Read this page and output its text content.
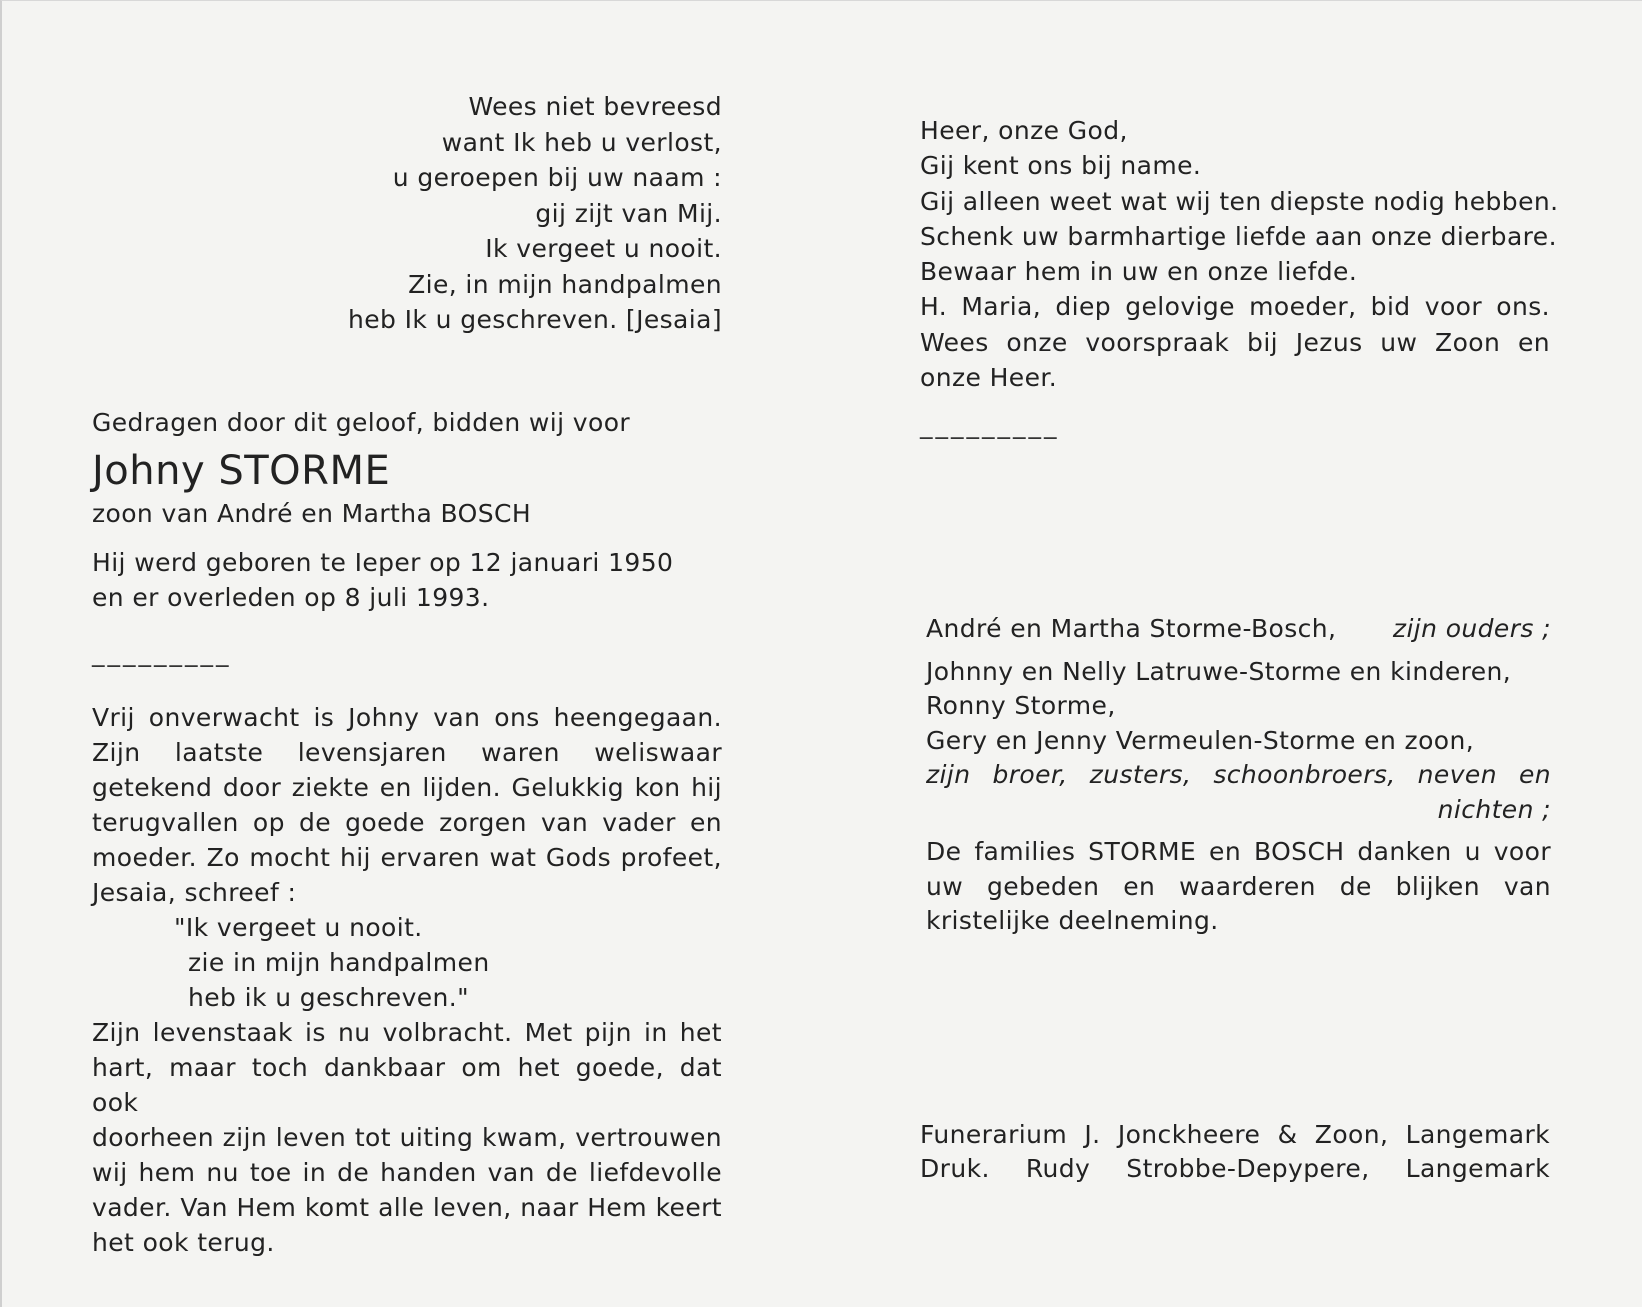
Wees niet bevreesd
want Ik heb u verlost,
u geroepen bij uw naam :
gij zijt van Mij.
Ik vergeet u nooit.
Zie, in mijn handpalmen
heb Ik u geschreven. [Jesaia]
Gedragen door dit geloof, bidden wij voor
Johny STORME
zoon van André en Martha BOSCH
Hij werd geboren te Ieper op 12 januari 1950
en er overleden op 8 juli 1993.
_________
Vrij onverwacht is Johny van ons heengegaan.
Zijn laatste levensjaren waren weliswaar
getekend door ziekte en lijden. Gelukkig kon hij
terugvallen op de goede zorgen van vader en
moeder. Zo mocht hij ervaren wat Gods profeet,
Jesaia, schreef :
"Ik vergeet u nooit.
zie in mijn handpalmen
heb ik u geschreven."
Zijn levenstaak is nu volbracht. Met pijn in het
hart, maar toch dankbaar om het goede, dat ook
doorheen zijn leven tot uiting kwam, vertrouwen
wij hem nu toe in de handen van de liefdevolle
vader. Van Hem komt alle leven, naar Hem keert
het ook terug.
Heer, onze God,
Gij kent ons bij name.
Gij alleen weet wat wij ten diepste nodig hebben.
Schenk uw barmhartige liefde aan onze dierbare.
Bewaar hem in uw en onze liefde.
H. Maria, diep gelovige moeder, bid voor ons.
Wees onze voorspraak bij Jezus uw Zoon en
onze Heer.
_________
André en Martha Storme-Bosch, zijn ouders ;
Johnny en Nelly Latruwe-Storme en kinderen,
Ronny Storme,
Gery en Jenny Vermeulen-Storme en zoon,
zijn broer, zusters, schoonbroers, neven en
nichten ;
De families STORME en BOSCH danken u voor
uw gebeden en waarderen de blijken van
kristelijke deelneming.
Funerarium J. Jonckheere & Zoon, Langemark
Druk. Rudy Strobbe-Depypere, Langemark
